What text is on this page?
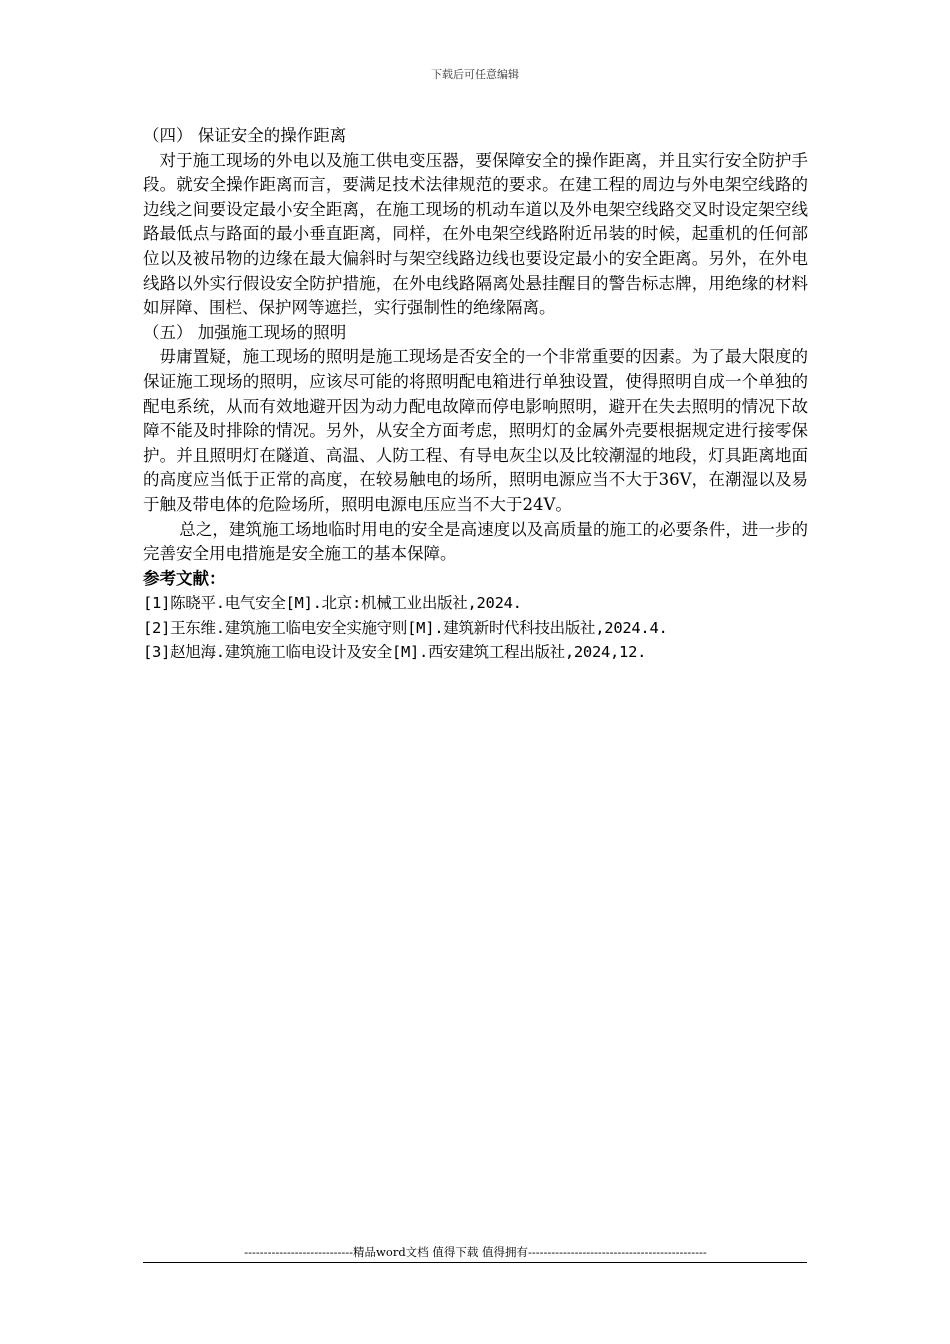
下载后可任意编辑

（四） 保证安全的操作距离

对于施工现场的外电以及施工供电变压器，要保障安全的操作距离，并且实行安全防护手段。就安全操作距离而言，要满足技术法律规范的要求。在建工程的周边与外电架空线路的边线之间要设定最小安全距离，在施工现场的机动车道以及外电架空线路交叉时设定架空线路最低点与路面的最小垂直距离，同样，在外电架空线路附近吊装的时候，起重机的任何部位以及被吊物的边缘在最大偏斜时与架空线路边线也要设定最小的安全距离。另外，在外电线路以外实行假设安全防护措施，在外电线路隔离处悬挂醒目的警告标志牌，用绝缘的材料如屏障、围栏、保护网等遮拦，实行强制性的绝缘隔离。

（五） 加强施工现场的照明

毋庸置疑，施工现场的照明是施工现场是否安全的一个非常重要的因素。为了最大限度的保证施工现场的照明，应该尽可能的将照明配电箱进行单独设置，使得照明自成一个单独的配电系统，从而有效地避开因为动力配电故障而停电影响照明，避开在失去照明的情况下故障不能及时排除的情况。另外，从安全方面考虑，照明灯的金属外壳要根据规定进行接零保护。并且照明灯在隧道、高温、人防工程、有导电灰尘以及比较潮湿的地段，灯具距离地面的高度应当低于正常的高度，在较易触电的场所，照明电源应当不大于36V，在潮湿以及易于触及带电体的危险场所，照明电源电压应当不大于24V。

总之，建筑施工场地临时用电的安全是高速度以及高质量的施工的必要条件，进一步的完善安全用电措施是安全施工的基本保障。

参考文献：

[1]陈晓平.电气安全[M].北京:机械工业出版社,2024.

[2]王东维.建筑施工临电安全实施守则[M].建筑新时代科技出版社,2024.4.

[3]赵旭海.建筑施工临电设计及安全[M].西安建筑工程出版社,2024,12.

----------------------------精品word文档 值得下载 值得拥有----------------------------------------------
